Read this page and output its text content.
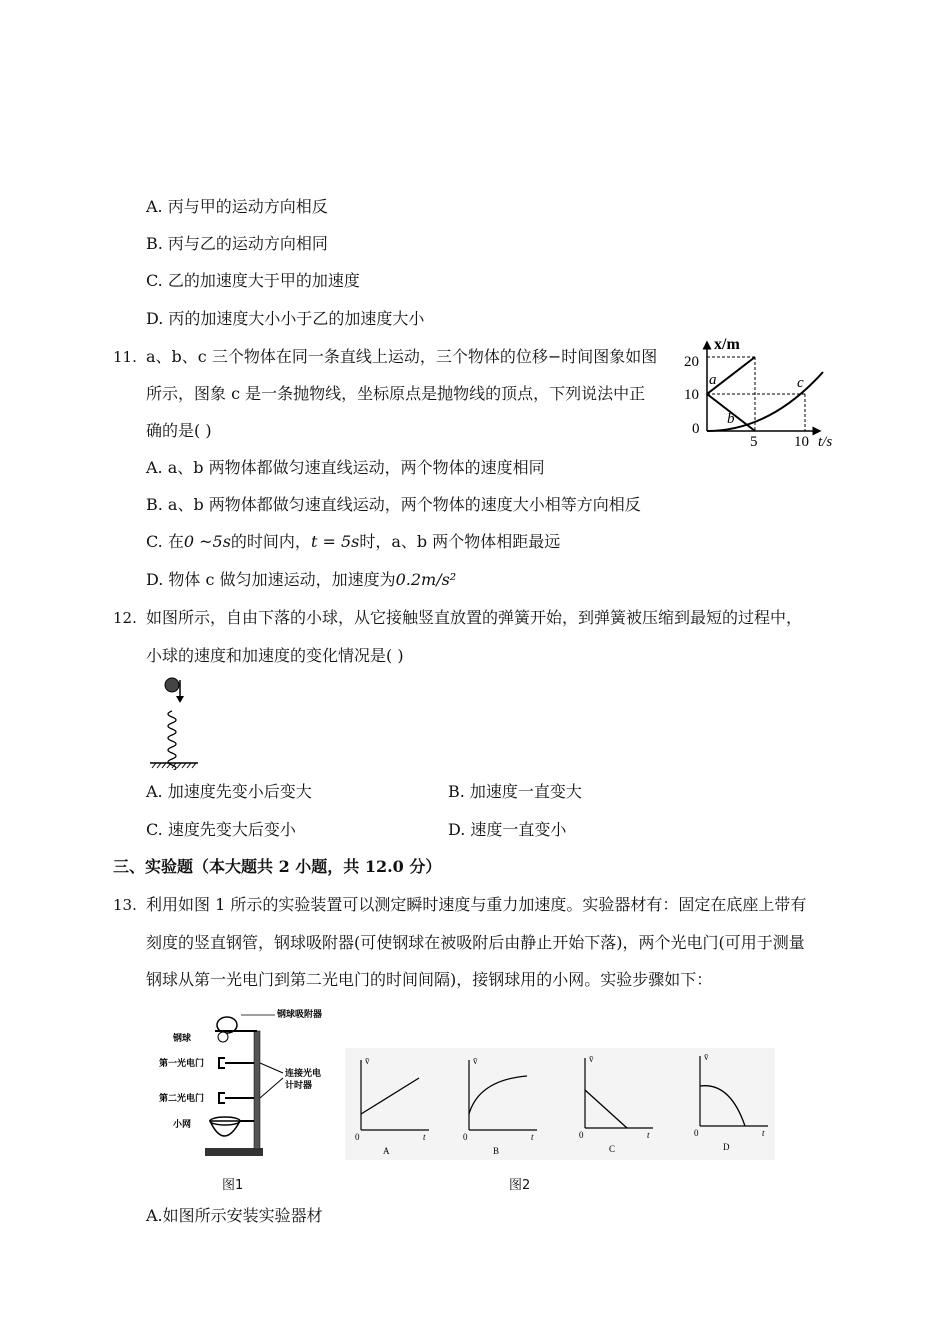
A. 丙与甲的运动方向相反
B. 丙与乙的运动方向相同
C. 乙的加速度大于甲的加速度
D. 丙的加速度大小小于乙的加速度大小
11. a、b、c 三个物体在同一条直线上运动，三个物体的位移−时间图象如图
所示，图象 c 是一条抛物线，坐标原点是抛物线的顶点，下列说法中正
确的是( )
x/m
20
10
0
5 10 t/s
a
b
c
A. a、b 两物体都做匀速直线运动，两个物体的速度相同
B. a、b 两物体都做匀速直线运动，两个物体的速度大小相等方向相反
C. 在0 ~5s的时间内，t = 5s时，a、b 两个物体相距最远
D. 物体 c 做匀加速运动，加速度为0.2m/s²
12. 如图所示，自由下落的小球，从它接触竖直放置的弹簧开始，到弹簧被压缩到最短的过程中，
小球的速度和加速度的变化情况是( )
A. 加速度先变小后变大	B. 加速度一直变大
C. 速度先变大后变小	D. 速度一直变小
三、实验题（本大题共 2 小题，共 12.0 分）
13. 利用如图 1 所示的实验装置可以测定瞬时速度与重力加速度。实验器材有：固定在底座上带有
刻度的竖直钢管，钢球吸附器(可使钢球在被吸附后由静止开始下落)，两个光电门(可用于测量
钢球从第一光电门到第二光电门的时间间隔)，接钢球用的小网。实验步骤如下：
钢球吸附器
钢球
第一光电门
连接光电
计时器
第二光电门
小网
v̄
0	t
A
v̄
0	t
B
v̄
0	t
C
v̄
0	t
D
图1	图2
A.如图所示安装实验器材
